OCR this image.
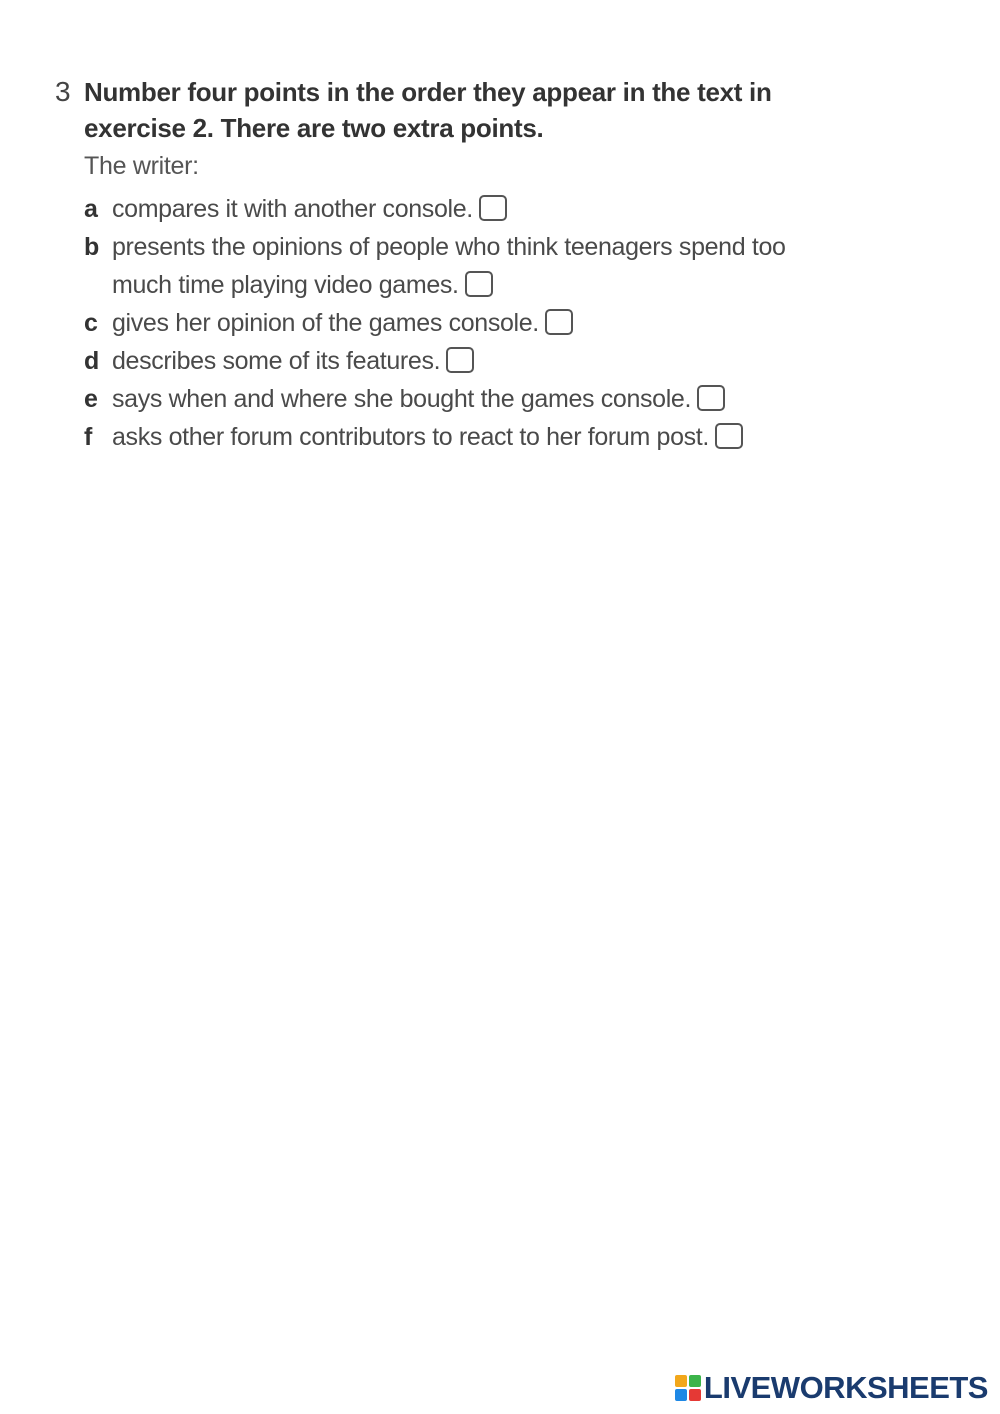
3 Number four points in the order they appear in the text in exercise 2. There are two extra points.
The writer:
a compares it with another console.
b presents the opinions of people who think teenagers spend too much time playing video games.
c gives her opinion of the games console.
d describes some of its features.
e says when and where she bought the games console.
f asks other forum contributors to react to her forum post.
LIVEWORKSHEETS
